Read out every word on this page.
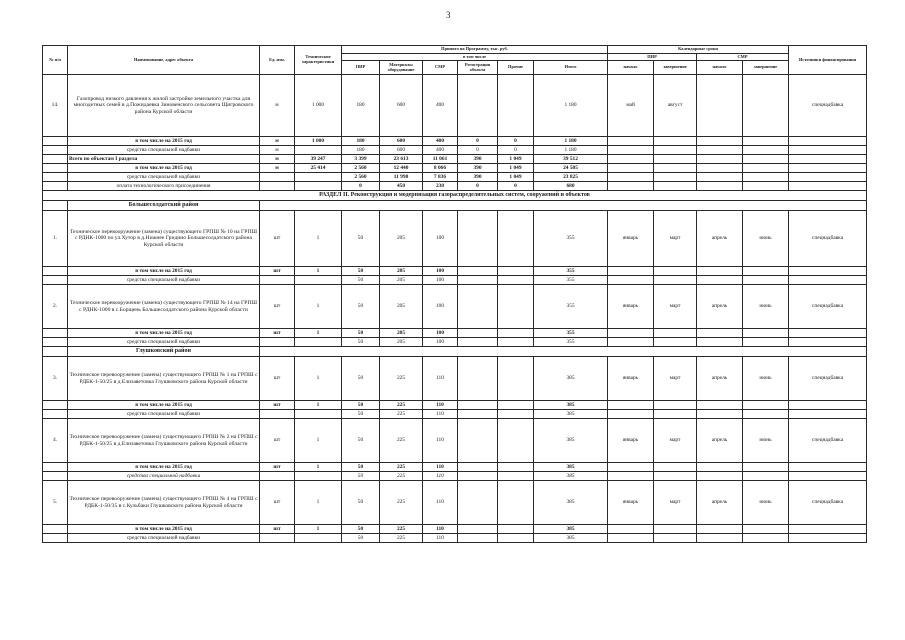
3
№ п/п	Наименование, адрес объекта	Ед. изм.	Технические характеристики	Принято на Программу, тыс. руб.						Календарные сроки				Источники финансирования
				в том числе						ПИР		СМР		
				ПИР	Материалы оборудование	СМР	Регистрация объекта	Прочие	Итого	начало	завершение	начало	завершение	
14.	Газопровод низкого давления к жилой застройке земельного участка для многодетных семей в д.Пожидаевка Зиновенского сельсовета Щигровского района Курской области	м	1 000	180	600	400			1 180	май	август			спецнадбавка
	в том числе на 2015 год	м	1 000	180	600	400	0	0	1 180					
	средства специальной надбавки	м		180	600	400	0	0	1 180					
	Всего по объектам I раздела	м	39 247	3 399	23 613	11 061	390	1 049	39 512					
	в том числе на 2015 год	м	25 414	2 560	12 440	8 066	390	1 049	24 505					
	средства специальной надбавки			2 560	11 990	7 836	390	1 049	23 825					
	оплата технологического присоединения			0	450	230	0	0	680					
РАЗДЕЛ II. Реконструкция и модернизация газораспределительных систем, сооружений и объектов														
	Большесолдатский район													
1.	Техническое перевооружение (замена) существующего ГРПШ № 10 на ГРПШ с РДНК-1000 по ул.Хутор в д.Нижнее Гридино Большесолдатского района Курской области	шт	1	50	205	100			355	январь	март	апрель	июнь	спецнадбавка
	в том числе на 2015 год	шт	1	50	205	100			355					
	средства специальной надбавки			50	205	100			355					
2.	Техническое перевооружение (замена) существующего ГРПШ № 14 на ГРПШ с РДНК-1000 в с.Борщень Большесолдатского района Курской области	шт	1	50	205	100			355	январь	март	апрель	июнь	спецнадбавка
	в том числе на 2015 год	шт	1	50	205	100			355					
	средства специальной надбавки			50	205	100			355					
	Глушковский район													
3.	Техническое перевооружение (замена) существующего ГРПШ № 1 на ГРПШ с РДБК-1-50/25 в д.Елизаветовка Глушковского района Курской области	шт	1	50	225	110			385	январь	март	апрель	июнь	спецнадбавка
	в том числе на 2015 год	шт	1	50	225	110			385					
	средства специальной надбавки			50	225	110			385					
4.	Техническое перевооружение (замена) существующего ГРПШ № 2 на ГРПШ с РДБК-1-50/25 в д.Елизаветовка Глушковского района Курской области	шт	1	50	225	110			385	январь	март	апрель	июнь	спецнадбавка
	в том числе на 2015 год	шт	1	50	225	110			385					
	средства специальной надбавки			50	225	110			385					
5.	Техническое перевооружение (замена) существующего ГРПШ № 4 на ГРПШ с РДБК-1-50/35 в с.Кульбаки Глушковского района Курской области	шт	1	50	225	110			385	январь	март	апрель	июнь	спецнадбавка
	в том числе на 2015 год	шт	1	50	225	110			385					
	средства специальной надбавки			50	225	110			385					
